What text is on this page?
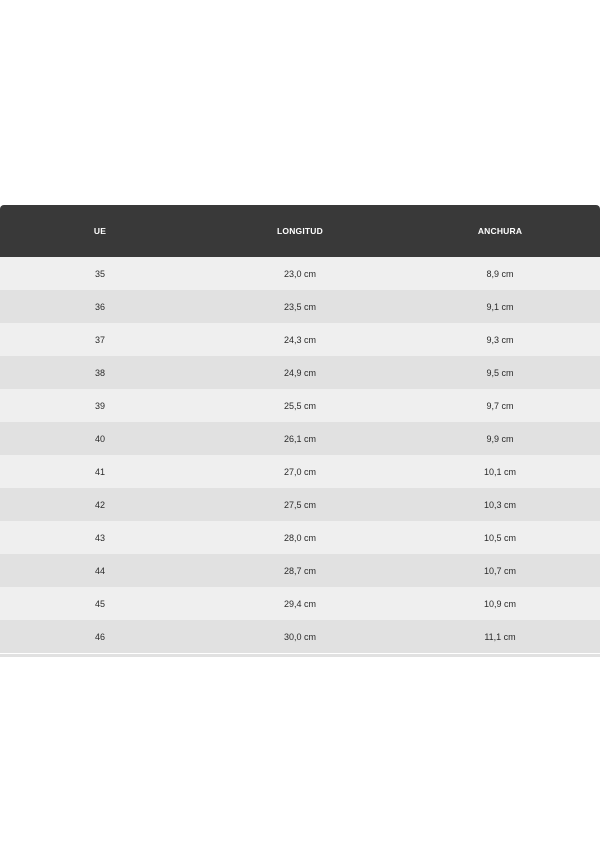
UE	LONGITUD	ANCHURA
35	23,0 cm	8,9 cm
36	23,5 cm	9,1 cm
37	24,3 cm	9,3 cm
38	24,9 cm	9,5 cm
39	25,5 cm	9,7 cm
40	26,1 cm	9,9 cm
41	27,0 cm	10,1 cm
42	27,5 cm	10,3 cm
43	28,0 cm	10,5 cm
44	28,7 cm	10,7 cm
45	29,4 cm	10,9 cm
46	30,0 cm	11,1 cm
